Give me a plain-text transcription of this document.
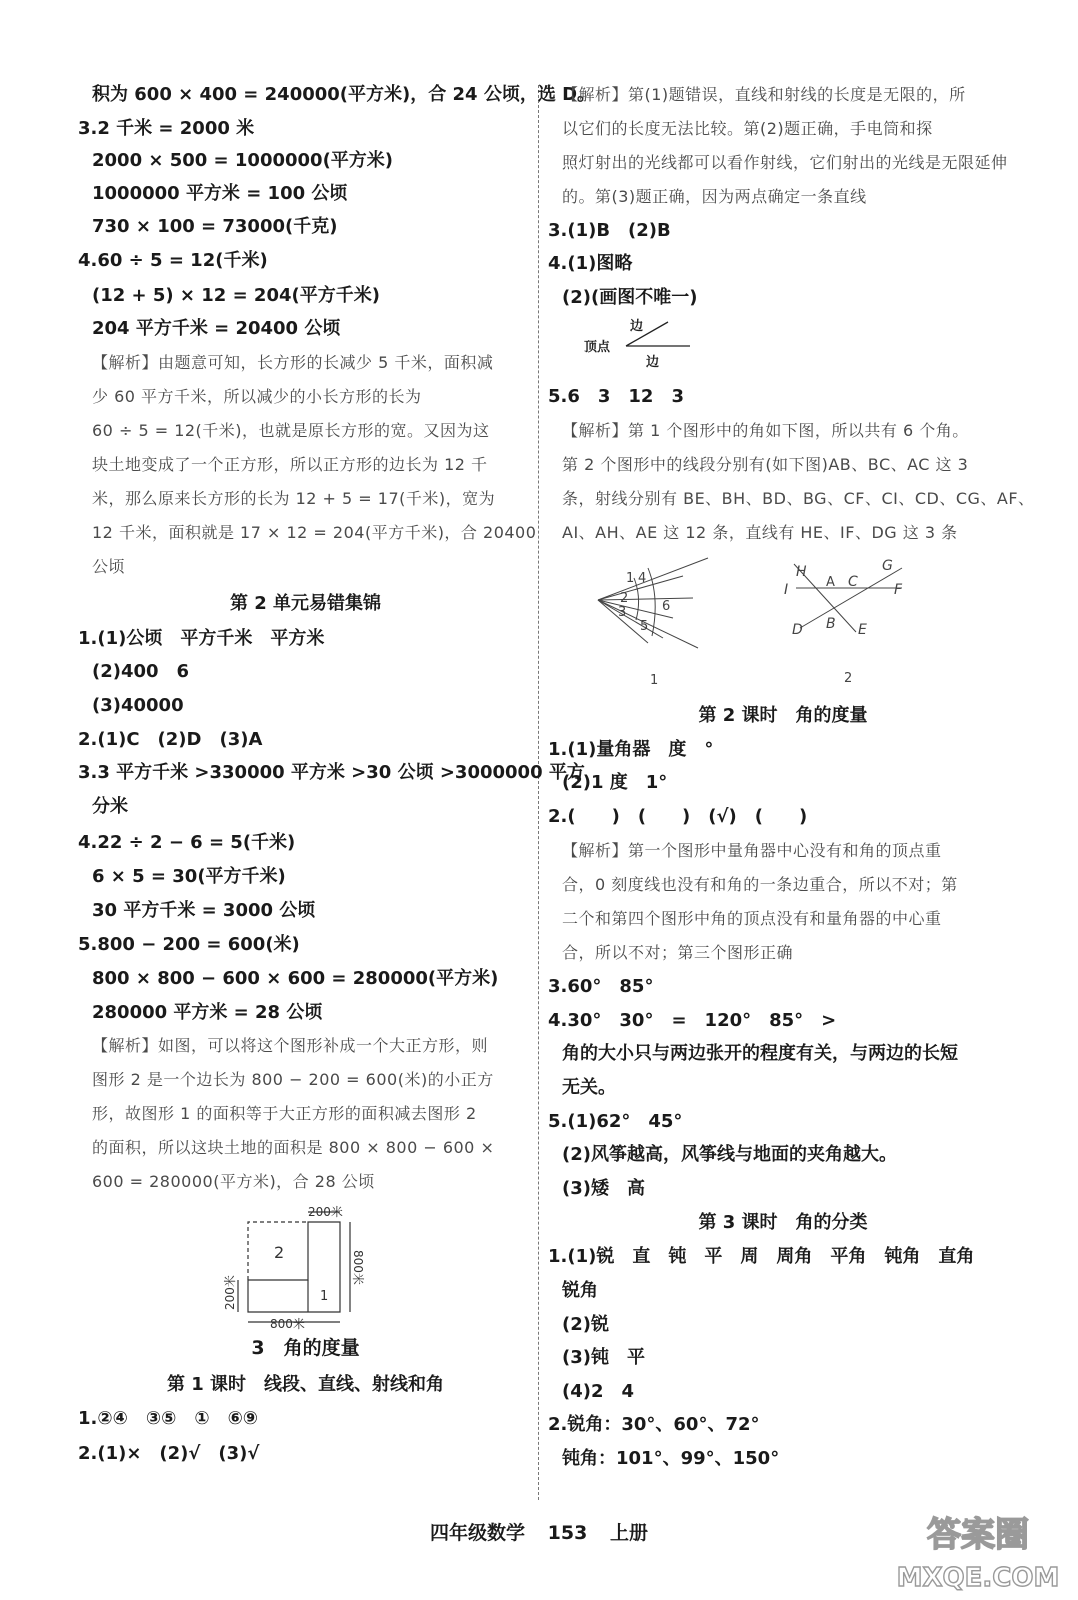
积为 600 × 400 = 240000(平方米)，合 24 公顷，选 D。
3.2 千米 = 2000 米
2000 × 500 = 1000000(平方米)
1000000 平方米 = 100 公顷
730 × 100 = 73000(千克)
4.60 ÷ 5 = 12(千米)
(12 + 5) × 12 = 204(平方千米)
204 平方千米 = 20400 公顷
【解析】由题意可知，长方形的长减少 5 千米，面积减
少 60 平方千米，所以减少的小长方形的长为
60 ÷ 5 = 12(千米)，也就是原长方形的宽。又因为这
块土地变成了一个正方形，所以正方形的边长为 12 千
米，那么原来长方形的长为 12 + 5 = 17(千米)，宽为
12 千米，面积就是 17 × 12 = 204(平方千米)，合 20400
公顷
第 2 单元易错集锦
1.(1)公顷　平方千米　平方米
(2)400　6
(3)40000
2.(1)C　(2)D　(3)A
3.3 平方千米 >330000 平方米 >30 公顷 >3000000 平方
分米
4.22 ÷ 2 − 6 = 5(千米)
6 × 5 = 30(平方千米)
30 平方千米 = 3000 公顷
5.800 − 200 = 600(米)
800 × 800 − 600 × 600 = 280000(平方米)
280000 平方米 = 28 公顷
【解析】如图，可以将这个图形补成一个大正方形，则
图形 2 是一个边长为 800 − 200 = 600(米)的小正方
形，故图形 1 的面积等于大正方形的面积减去图形 2
的面积，所以这块土地的面积是 800 × 800 − 600 ×
600 = 280000(平方米)，合 28 公顷
200米
2
1
800米
200米
800米
3　角的度量
第 1 课时　线段、直线、射线和角
1.②④　③⑤　①　⑥⑨
2.(1)×　(2)√　(3)√
【解析】第(1)题错误，直线和射线的长度是无限的，所
以它们的长度无法比较。第(2)题正确，手电筒和探
照灯射出的光线都可以看作射线，它们射出的光线是无限延伸
的。第(3)题正确，因为两点确定一条直线
3.(1)B　(2)B
4.(1)图略
(2)(画图不唯一)
边
顶点
边
5.6　3　12　3
【解析】第 1 个图形中的角如下图，所以共有 6 个角。
第 2 个图形中的线段分别有(如下图)AB、BC、AC 这 3
条，射线分别有 BE、BH、BD、BG、CF、CI、CD、CG、AF、
AI、AH、AE 这 12 条，直线有 HE、IF、DG 这 3 条
1 4
2
3
5
6
1
H
A C
G
I	F
D B E
2
第 2 课时　角的度量
1.(1)量角器　度　°
(2)1 度　1°
2.(　　)　(　　)　(√)　(　　)
【解析】第一个图形中量角器中心没有和角的顶点重
合，0 刻度线也没有和角的一条边重合，所以不对；第
二个和第四个图形中角的顶点没有和量角器的中心重
合，所以不对；第三个图形正确
3.60°　85°
4.30°　30°　=　120°　85°　>
角的大小只与两边张开的程度有关，与两边的长短
无关。
5.(1)62°　45°
(2)风筝越高，风筝线与地面的夹角越大。
(3)矮　高
第 3 课时　角的分类
1.(1)锐　直　钝　平　周　周角　平角　钝角　直角
锐角
(2)锐
(3)钝　平
(4)2　4
2.锐角：30°、60°、72°
钝角：101°、99°、150°
四年级数学 153 上册	答案圈
MXQE.COM
